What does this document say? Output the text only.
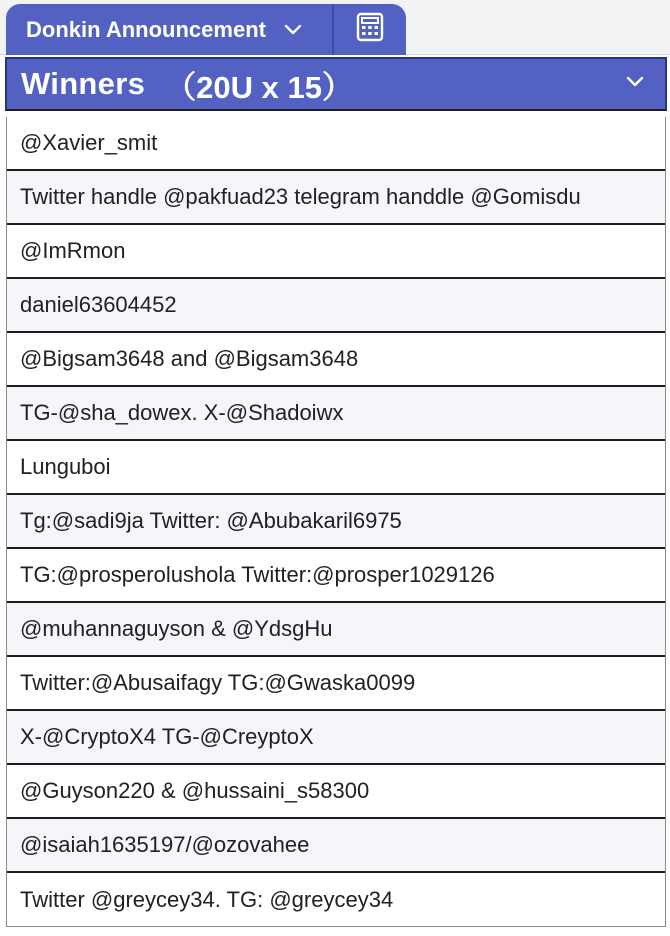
Donkin Announcement
Winners （20U x 15）
@Xavier_smit
Twitter handle @pakfuad23 telegram handdle @Gomisdu
@ImRmon
daniel63604452
@Bigsam3648 and @Bigsam3648
TG-@sha_dowex. X-@Shadoiwx
Lunguboi
Tg:@sadi9ja Twitter: @Abubakaril6975
TG:@prosperolushola Twitter:@prosper1029126
@muhannaguyson & @YdsgHu
Twitter:@Abusaifagy TG:@Gwaska0099
X-@CryptoX4 TG-@CreyptoX
@Guyson220 & @hussaini_s58300
@isaiah1635197/@ozovahee
Twitter @greycey34. TG: @greycey34
